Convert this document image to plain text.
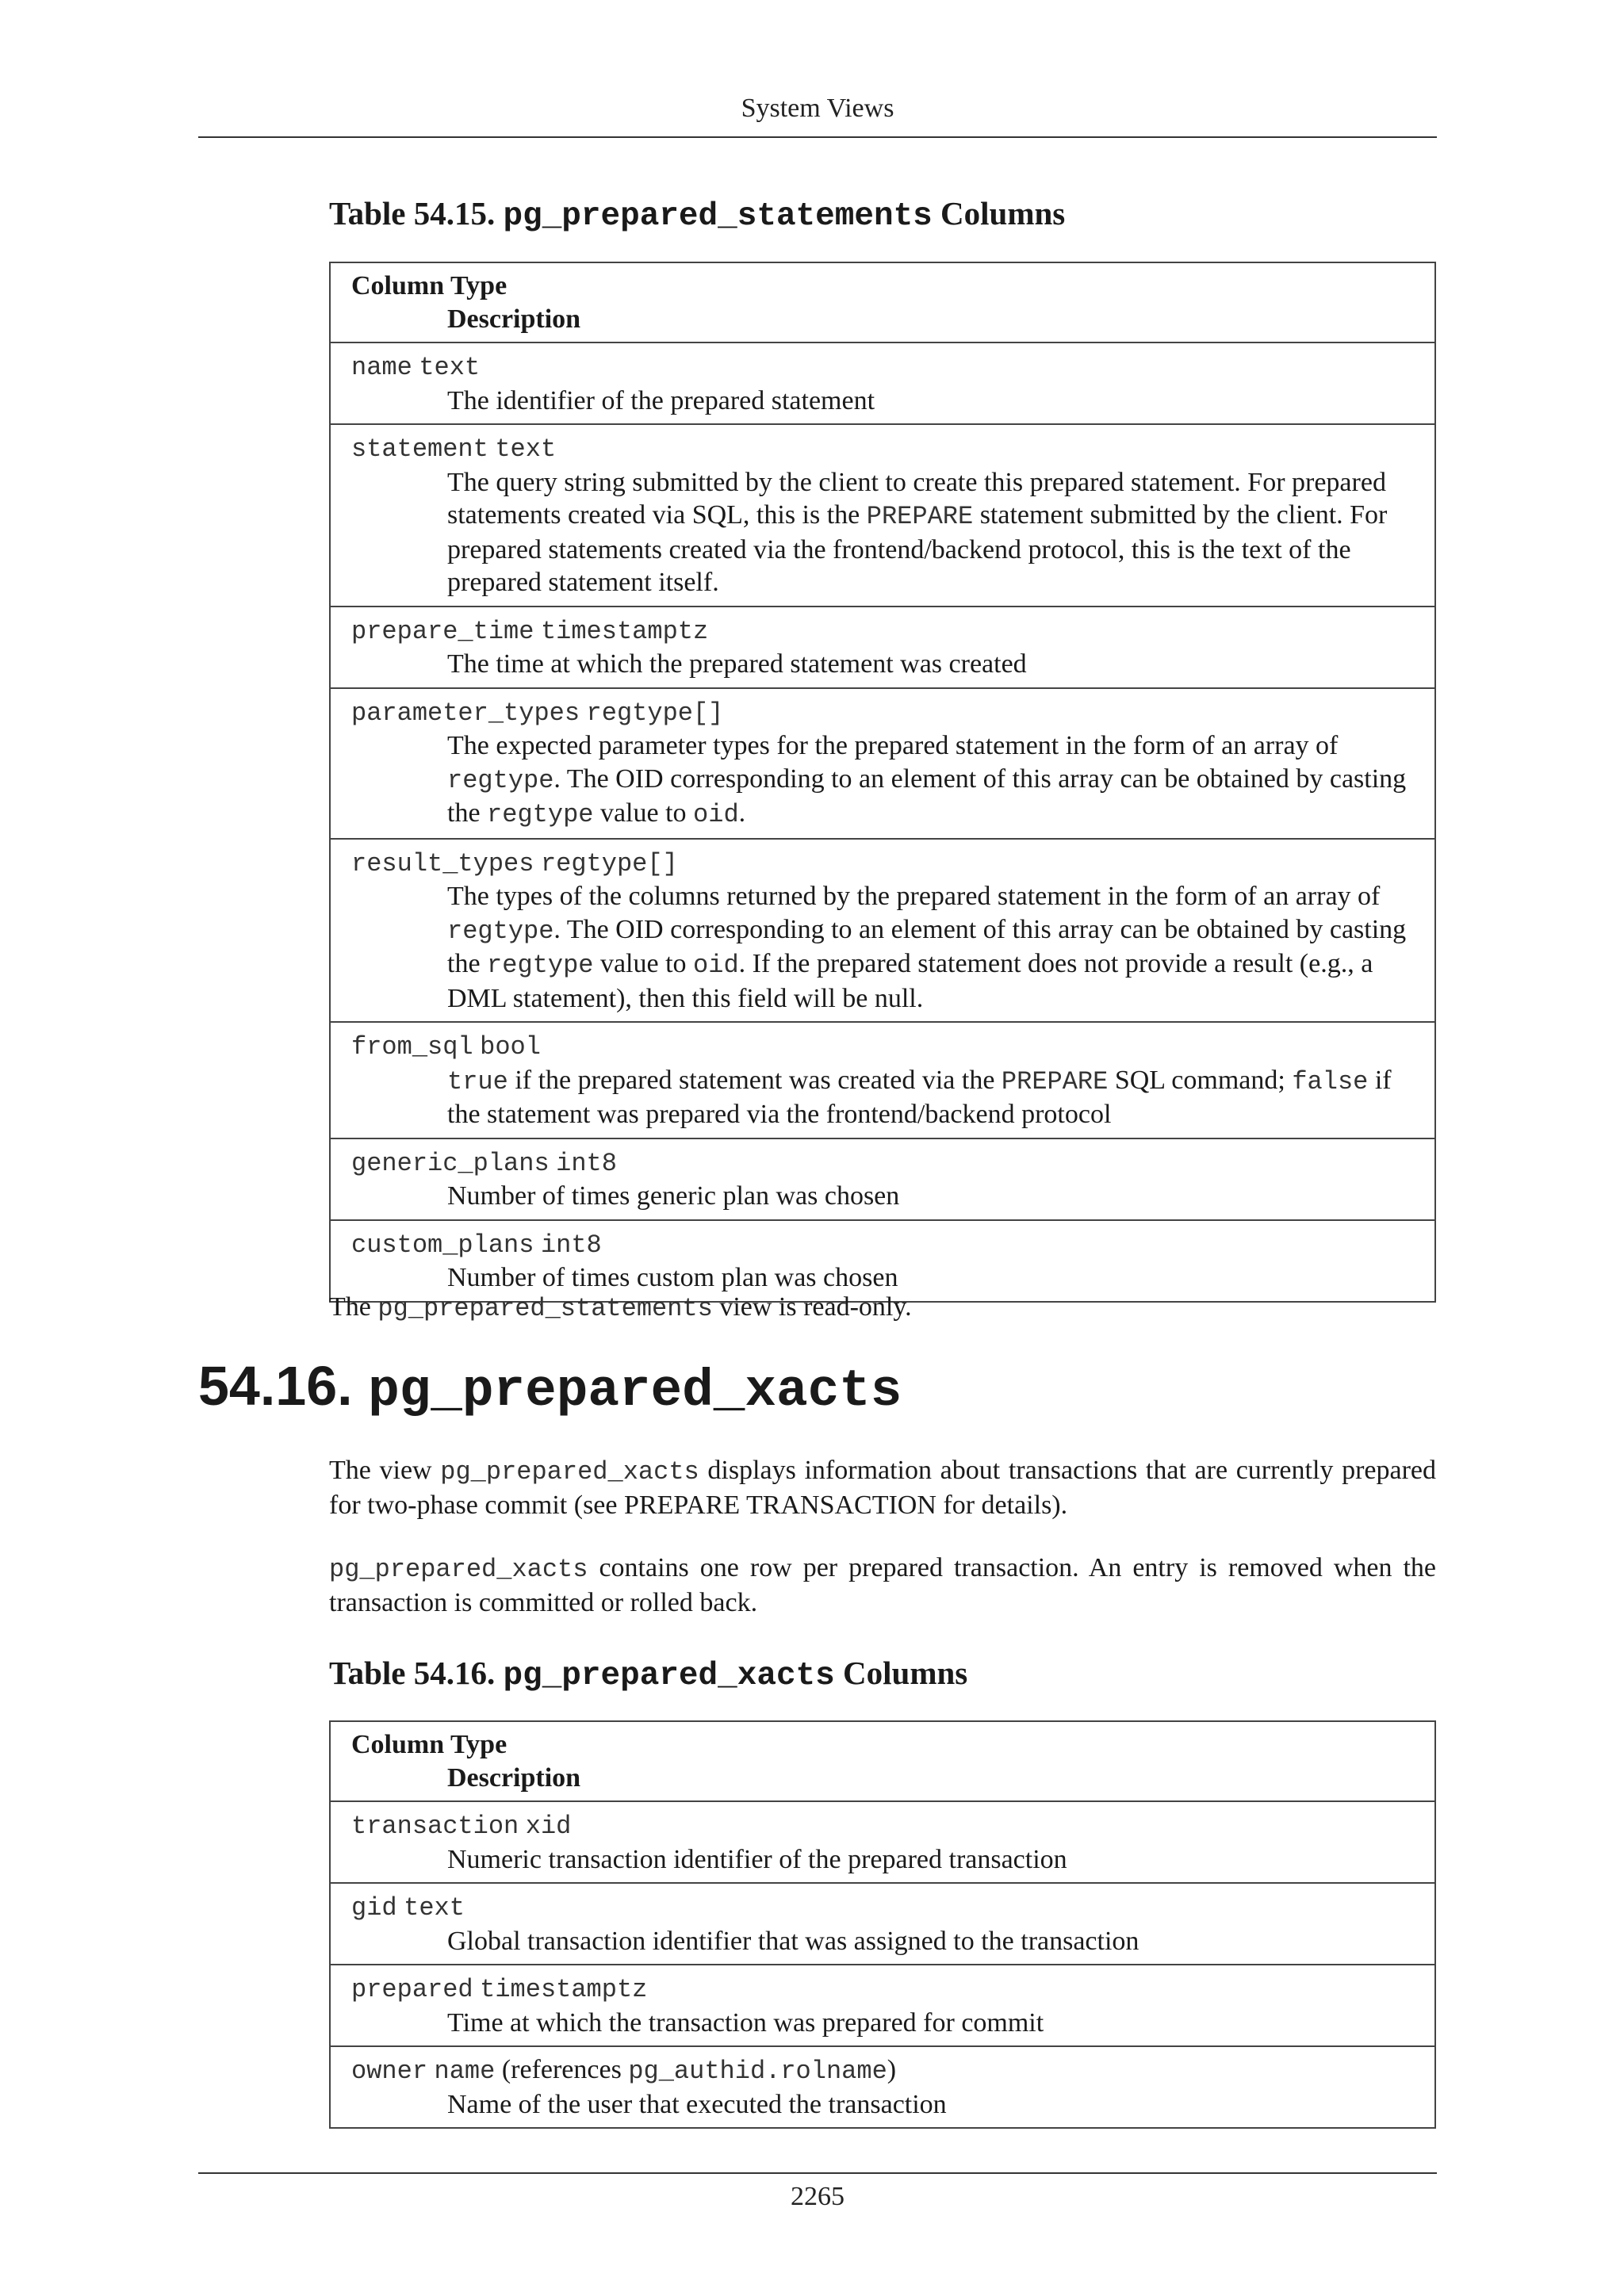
System Views
Table 54.15. pg_prepared_statements Columns
Column Type
Description
name text
The identifier of the prepared statement
statement text
The query string submitted by the client to create this prepared statement. For prepared statements created via SQL, this is the PREPARE statement submitted by the client. For prepared statements created via the frontend/backend protocol, this is the text of the prepared statement itself.
prepare_time timestamptz
The time at which the prepared statement was created
parameter_types regtype[]
The expected parameter types for the prepared statement in the form of an array of regtype. The OID corresponding to an element of this array can be obtained by casting the regtype value to oid.
result_types regtype[]
The types of the columns returned by the prepared statement in the form of an array of regtype. The OID corresponding to an element of this array can be obtained by casting the regtype value to oid. If the prepared statement does not provide a result (e.g., a DML statement), then this field will be null.
from_sql bool
true if the prepared statement was created via the PREPARE SQL command; false if the statement was prepared via the frontend/backend protocol
generic_plans int8
Number of times generic plan was chosen
custom_plans int8
Number of times custom plan was chosen
The pg_prepared_statements view is read-only.
54.16. pg_prepared_xacts
The view pg_prepared_xacts displays information about transactions that are currently prepared for two-phase commit (see PREPARE TRANSACTION for details).
pg_prepared_xacts contains one row per prepared transaction. An entry is removed when the transaction is committed or rolled back.
Table 54.16. pg_prepared_xacts Columns
Column Type
Description
transaction xid
Numeric transaction identifier of the prepared transaction
gid text
Global transaction identifier that was assigned to the transaction
prepared timestamptz
Time at which the transaction was prepared for commit
owner name (references pg_authid.rolname)
Name of the user that executed the transaction
2265
